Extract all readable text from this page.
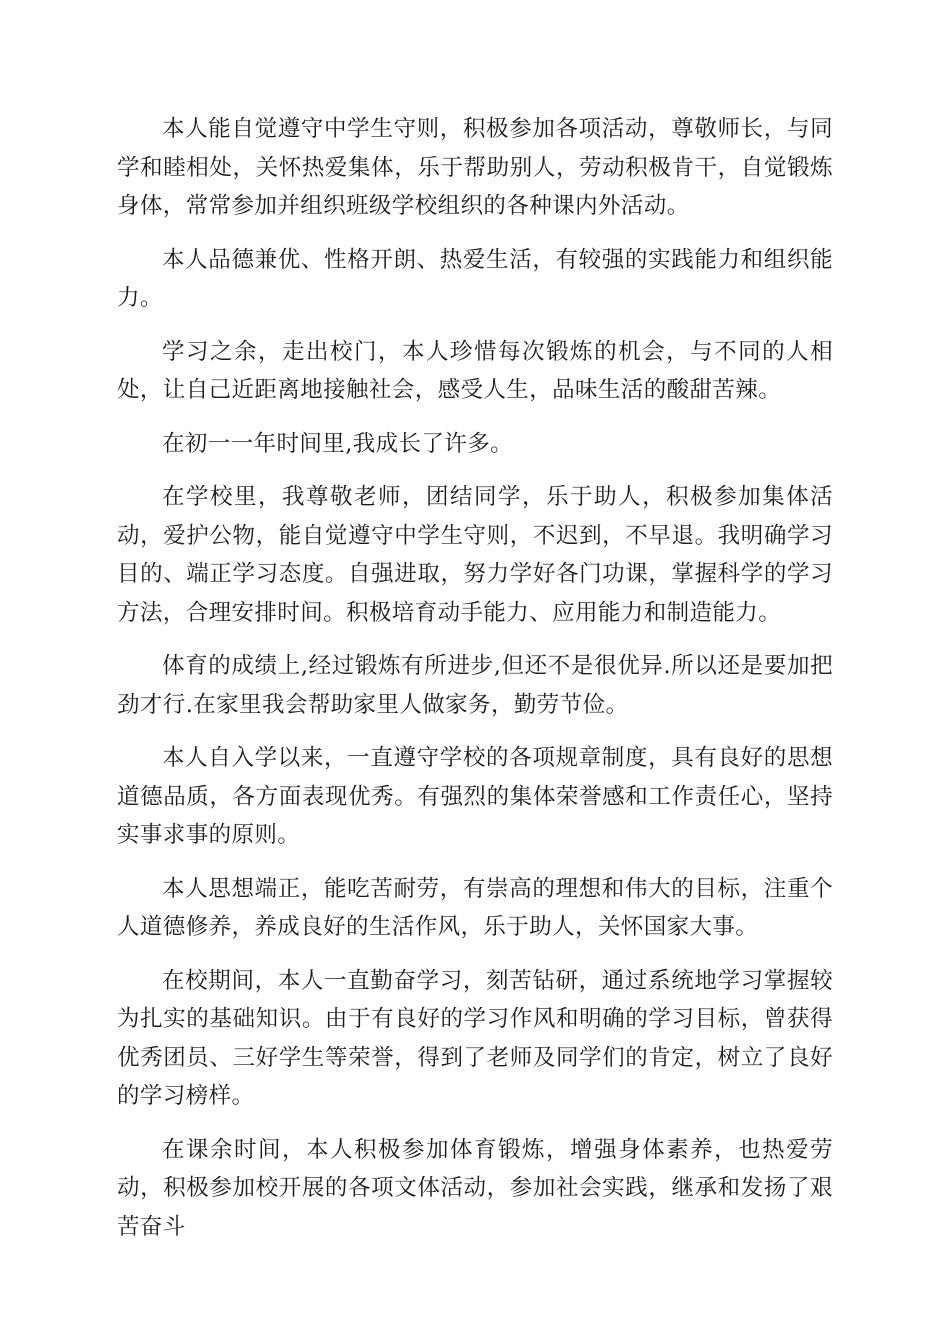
本人能自觉遵守中学生守则，积极参加各项活动，尊敬师长，与同学和睦相处，关怀热爱集体，乐于帮助别人，劳动积极肯干，自觉锻炼身体，常常参加并组织班级学校组织的各种课内外活动。

本人品德兼优、性格开朗、热爱生活，有较强的实践能力和组织能力。

学习之余，走出校门，本人珍惜每次锻炼的机会，与不同的人相处，让自己近距离地接触社会，感受人生，品味生活的酸甜苦辣。

在初一一年时间里,我成长了许多。

在学校里，我尊敬老师，团结同学，乐于助人，积极参加集体活动，爱护公物，能自觉遵守中学生守则，不迟到，不早退。我明确学习目的、端正学习态度。自强进取，努力学好各门功课，掌握科学的学习方法，合理安排时间。积极培育动手能力、应用能力和制造能力。

体育的成绩上,经过锻炼有所进步,但还不是很优异.所以还是要加把劲才行.在家里我会帮助家里人做家务，勤劳节俭。

本人自入学以来，一直遵守学校的各项规章制度，具有良好的思想道德品质，各方面表现优秀。有强烈的集体荣誉感和工作责任心，坚持实事求事的原则。

本人思想端正，能吃苦耐劳，有崇高的理想和伟大的目标，注重个人道德修养，养成良好的生活作风，乐于助人，关怀国家大事。

在校期间，本人一直勤奋学习，刻苦钻研，通过系统地学习掌握较为扎实的基础知识。由于有良好的学习作风和明确的学习目标，曾获得优秀团员、三好学生等荣誉，得到了老师及同学们的肯定，树立了良好的学习榜样。

在课余时间，本人积极参加体育锻炼，增强身体素养，也热爱劳动，积极参加校开展的各项文体活动，参加社会实践，继承和发扬了艰苦奋斗
